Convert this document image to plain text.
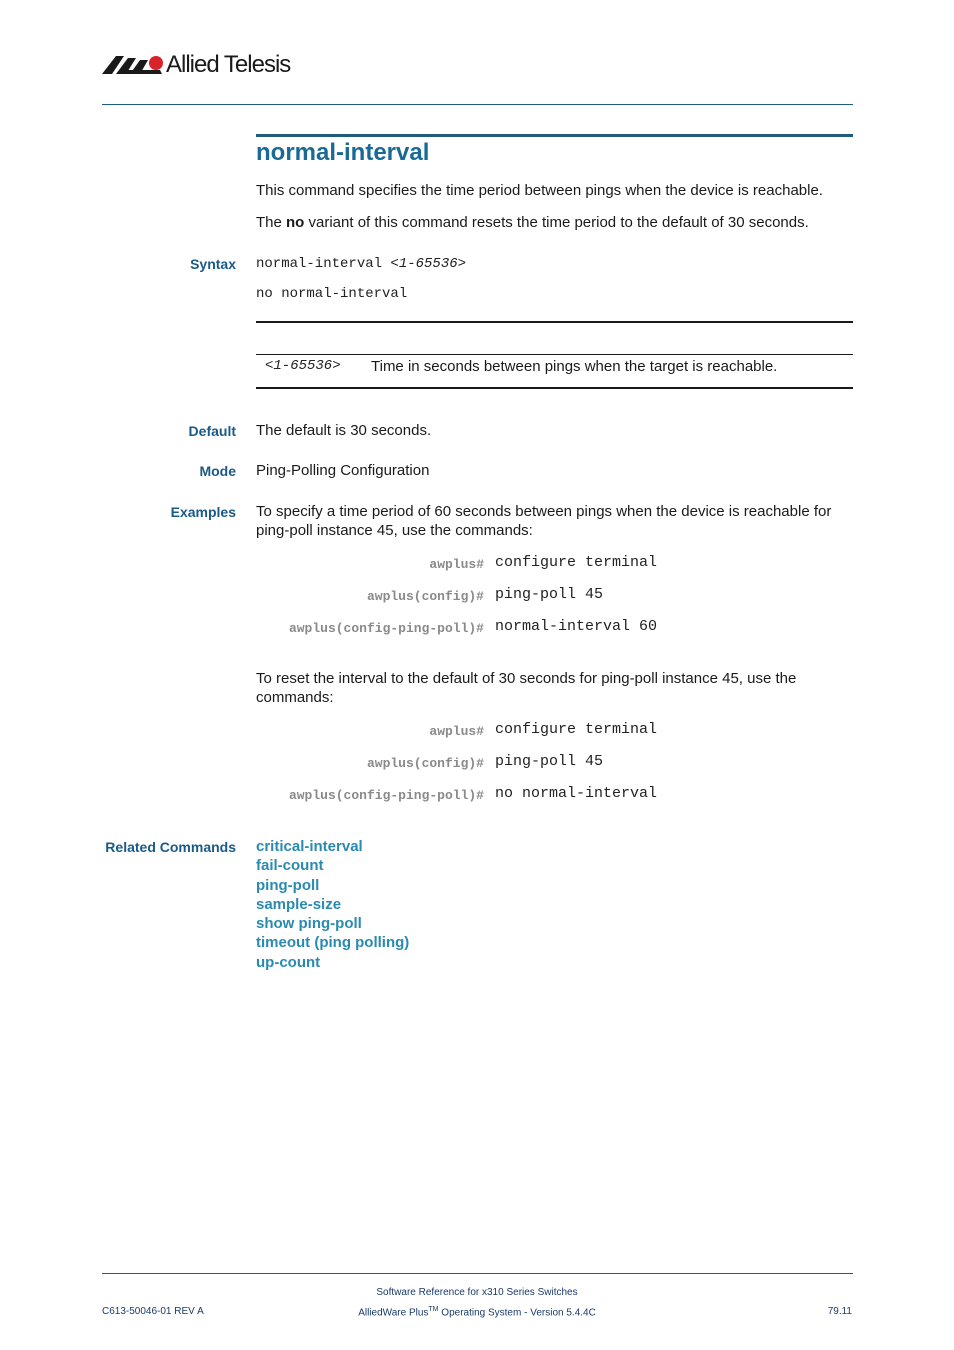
Allied Telesis
normal-interval
This command specifies the time period between pings when the device is reachable.
The no variant of this command resets the time period to the default of 30 seconds.
Syntax normal-interval <1-65536>
no normal-interval
<1-65536> Time in seconds between pings when the target is reachable.
Default The default is 30 seconds.
Mode Ping-Polling Configuration
Examples To specify a time period of 60 seconds between pings when the device is reachable for ping-poll instance 45, use the commands:
awplus# configure terminal
awplus(config)# ping-poll 45
awplus(config-ping-poll)# normal-interval 60
To reset the interval to the default of 30 seconds for ping-poll instance 45, use the commands:
awplus# configure terminal
awplus(config)# ping-poll 45
awplus(config-ping-poll)# no normal-interval
Related Commands critical-interval
fail-count
ping-poll
sample-size
show ping-poll
timeout (ping polling)
up-count
Software Reference for x310 Series Switches
C613-50046-01 REV A	AlliedWare Plus™ Operating System - Version 5.4.4C	79.11
